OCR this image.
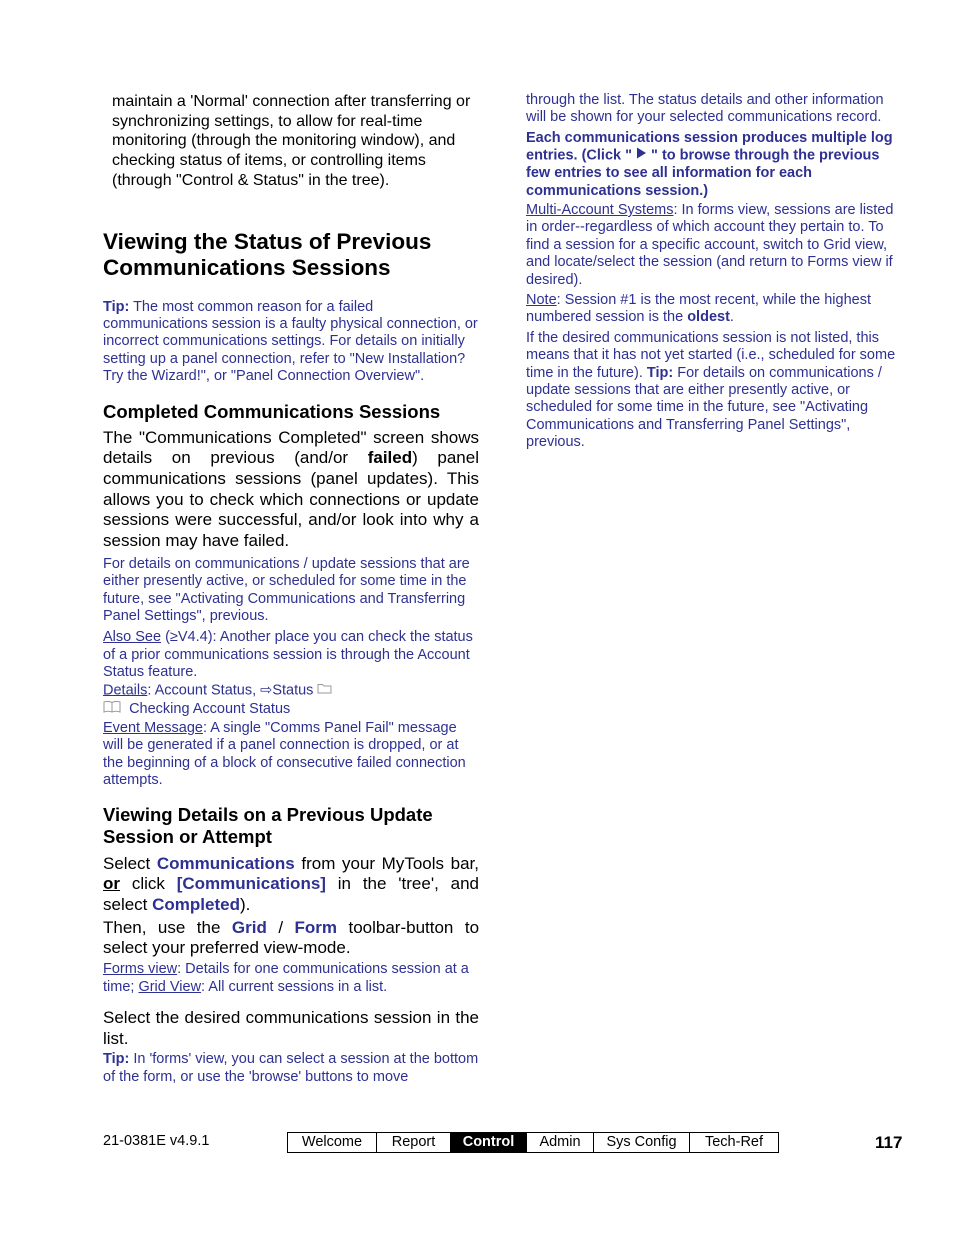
maintain a 'Normal' connection after transferring or synchronizing settings, to allow for real-time monitoring (through the monitoring window), and checking status of items, or controlling items (through "Control & Status" in the tree).

Viewing the Status of Previous Communications Sessions

Tip: The most common reason for a failed communications session is a faulty physical connection, or incorrect communications settings. For details on initially setting up a panel connection, refer to "New Installation? Try the Wizard!", or "Panel Connection Overview".

Completed Communications Sessions

The "Communications Completed" screen shows details on previous (and/or failed) panel communications sessions (panel updates). This allows you to check which connections or update sessions were successful, and/or look into why a session may have failed.

For details on communications / update sessions that are either presently active, or scheduled for some time in the future, see "Activating Communications and Transferring Panel Settings", previous.

Also See (≥V4.4): Another place you can check the status of a prior communications session is through the Account Status feature.

Details: Account Status, ⇨Status
Checking Account Status

Event Message: A single "Comms Panel Fail" message will be generated if a panel connection is dropped, or at the beginning of a block of consecutive failed connection attempts.

Viewing Details on a Previous Update Session or Attempt

Select Communications from your MyTools bar, or click [Communications] in the 'tree', and select Completed).

Then, use the Grid / Form toolbar-button to select your preferred view-mode.

Forms view: Details for one communications session at a time; Grid View: All current sessions in a list.

Select the desired communications session in the list.

Tip: In 'forms' view, you can select a session at the bottom of the form, or use the 'browse' buttons to move

through the list. The status details and other information will be shown for your selected communications record.

Each communications session produces multiple log entries. (Click "  " to browse through the previous few entries to see all information for each communications session.)

Multi-Account Systems: In forms view, sessions are listed in order--regardless of which account they pertain to. To find a session for a specific account, switch to Grid view, and locate/select the session (and return to Forms view if desired).

Note: Session #1 is the most recent, while the highest numbered session is the oldest.

If the desired communications session is not listed, this means that it has not yet started (i.e., scheduled for some time in the future). Tip: For details on communications / update sessions that are either presently active, or scheduled for some time in the future, see "Activating Communications and Transferring Panel Settings", previous.

21-0381E v4.9.1	Welcome	Report	Control	Admin	Sys Config	Tech-Ref	117
